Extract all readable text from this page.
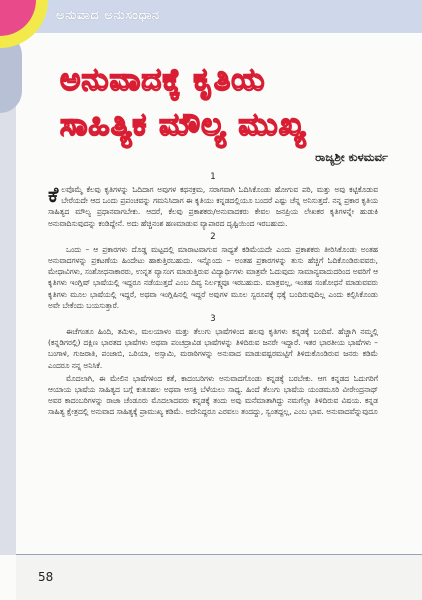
ಅನುವಾದ ಅನುಸಂಧಾನ
ಅನುವಾದಕ್ಕೆ ಕೃತಿಯ
ಸಾಹಿತ್ಯಿಕ ಮೌಲ್ಯ ಮುಖ್ಯ
ರಾಜ್ಯಶ್ರೀ ಕುಳಮರ್ವ
1

ಕೆಲವೊಮ್ಮೆ ಕೆಲವು ಕೃತಿಗಳನ್ನು ಓದಿದಾಗ ಅವುಗಳ ಕಥನಕ್ರಮ, ಸರಾಗವಾಗಿ ಓದಿಸಿಕೊಂಡು ಹೋಗುವ ಪರಿ, ಮತ್ತು ಅವು ಕಟ್ಟಿಕೊಡುವ ಬೇರೆಯದೇ ಆದ ಒಂದು ಪ್ರಪಂಚವನ್ನು ಗಮನಿಸಿದಾಗ ಈ ಕೃತಿಯು ಕನ್ನಡದಲ್ಲಿಯೂ ಬಂದರೆ ಎಷ್ಟು ಚೆನ್ನ ಅನಿಸುತ್ತದೆ. ನನ್ನ ಪ್ರಕಾರ ಕೃತಿಯ ಸಾಹಿತ್ಯದ ಮೌಲ್ಯ ಪ್ರಧಾನವಾಗಬೇಕು. ಆದರೆ, ಕೆಲವು ಪ್ರಕಾಶಕರು/ಅನುವಾದಕರು ಕೇವಲ ಜನಪ್ರಿಯ ಲೇಖಕರ ಕೃತಿಗಳನ್ನೇ ಹುಡುಕಿ ಅನುವಾದಿಸುವುದನ್ನು ಕಂಡಿದ್ದೇನೆ. ಅದು ಹೆಚ್ಚಿನಂಶ ಹಣಮಾಡುವ ವ್ಯಾಪಾರದ ದೃಷ್ಟಿಯಿಂದ ಇರಬಹುದು.

2

ಒಂದು – ಆ ಪ್ರಕಾರಗಳು ದೊಡ್ಡ ಮಟ್ಟದಲ್ಲಿ ಮಾರಾಟವಾಗುವ ಸಾಧ್ಯತೆ ಕಡಿಮೆಯದೇ ಎಂದು ಪ್ರಕಾಶಕರು ತೀರಿಸಿಕೊಂಡು ಅಂತಹ ಅನುವಾದಗಳನ್ನು ಪ್ರಕಟಣೆಯ ಹಿಂದೇಟು ಹಾಕುತ್ತಿರಬಹುದು. ಇನ್ನೊಂದು – ಅಂತಹ ಪ್ರಕಾರಗಳನ್ನು ತುಸು ಹೆಚ್ಚಿಗೆ ಓದಿಕೊಂಡಿರುವವರು, ಮೇಧಾವಿಗಳು, ಸಂಶೋಧನಾಕಾರರು, ಉನ್ನತ ವ್ಯಾಸಂಗ ಮಾಡುತ್ತಿರುವ ವಿದ್ಯಾರ್ಥಿಗಳು ಮಾತ್ರವೇ ಓದುವುದು ಸಾಮಾನ್ಯವಾದುದರಿಂದ ಅವರಿಗೆ ಆ ಕೃತಿಗಳು ಇಂಗ್ಲಿಷ್ ಭಾಷೆಯಲ್ಲಿ ಇದ್ದರೂ ನಡೆಯುತ್ತದೆ ಎಂಬ ದಿವ್ಯ ನಿರ್ಲಕ್ಷ್ಯವೂ ಇರಬಹುದು. ಮಾತ್ರವಲ್ಲ, ಇಂತಹ ಸಂಶೋಧನೆ ಮಾಡುವವರು ಕೃತಿಗಳು ಮೂಲ ಭಾಷೆಯಲ್ಲಿ ಇದ್ದರೆ, ಅಥವಾ ಇಂಗ್ಲಿಷಿನಲ್ಲಿ ಇದ್ದರೆ ಅವುಗಳ ಮೂಲ ಸ್ವರೂಪಕ್ಕೆ ಧಕ್ಕೆ ಬಂದಿರುವುದಿಲ್ಲ ಎಂದು ಕಲ್ಪಿಸಿಕೊಂಡು ಅವೇ ಬೇಕೆಂದು ಬಯಸುತ್ತಾರೆ.

3

ಈಚೆಗಂತೂ ಹಿಂದಿ, ತಮಿಳು, ಮಲಯಾಳಂ ಮತ್ತು ತೆಲುಗು ಭಾಷೆಗಳಿಂದ ಹಲವು ಕೃತಿಗಳು ಕನ್ನಡಕ್ಕೆ ಬಂದಿವೆ. ಹೆಚ್ಚಾಗಿ ನಮ್ಮಲ್ಲಿ (ಕನ್ನಡಿಗರಲ್ಲಿ) ದಕ್ಷಿಣ ಭಾರತದ ಭಾಷೆಗಳು ಅಥವಾ ಪಂಚದ್ರಾವಿಡ ಭಾಷೆಗಳನ್ನು ತಿಳಿದಿರುವ ಜನರೇ ಇದ್ದಾರೆ. ಇತರ ಭಾರತೀಯ ಭಾಷೆಗಳು – ಬಂಗಾಳಿ, ಗುಜರಾತಿ, ಪಂಜಾಬಿ, ಒರಿಯಾ, ಅಸ್ಸಾಮಿ, ಮರಾಠಿಗಳನ್ನು ಅನುವಾದ ಮಾಡುವಷ್ಟರಮಟ್ಟಿಗೆ ತಿಳಿದುಕೊಂಡಿರುವ ಜನರು ಕಡಿಮೆ ಎಂದರೂ ನನ್ನ ಅನಿಸಿಕೆ.

ಮೊದಲಾಗಿ, ಈ ಮೇಲಿನ ಭಾಷೆಗಳಿಂದ ಕತೆ, ಕಾದಂಬರಿಗಳು ಅನುವಾದಗೊಂಡು ಕನ್ನಡಕ್ಕೆ ಬರಬೇಕು. ಆಗ ಕನ್ನಡದ ಓದುಗರಿಗೆ ಆಯಾಯ ಭಾಷೆಯ ಸಾಹಿತ್ಯದ ಬಗ್ಗೆ ಕುತೂಹಲ ಅಥವಾ ಆಸಕ್ತಿ ಬೆಳೆಯಲು ಸಾಧ್ಯ. ಹಿಂದೆ ತೆಲುಗು ಭಾಷೆಯ ಯಂಡಮೂರಿ ವೀರೇಂದ್ರನಾಥ್ ಅವರ ಕಾದಂಬರಿಗಳನ್ನು ರಾಜಾ ಚೆಂಡೂರು ಮೊದಲಾದವರು ಕನ್ನಡಕ್ಕೆ ತಂದು ಅವು ಮನೆಮಾತಾಗಿದ್ದು ನಮಗೆಲ್ಲಾ ತಿಳಿದಿರುವ ವಿಷಯ. ಕನ್ನಡ ಸಾಹಿತ್ಯ ಕ್ಷೇತ್ರದಲ್ಲಿ ಅನುವಾದ ಸಾಹಿತ್ಯಕ್ಕೆ ಪ್ರಾಮುಖ್ಯ ಕಡಿಮೆ. ಅದೇನಿದ್ದರೂ ಎರವಲು ತಂದದ್ದು, ಸ್ವಂತದ್ದಲ್ಲ, ಎಂಬ ಭಾವ. ಅನುವಾದವೆನ್ನುವುದೂ

58
